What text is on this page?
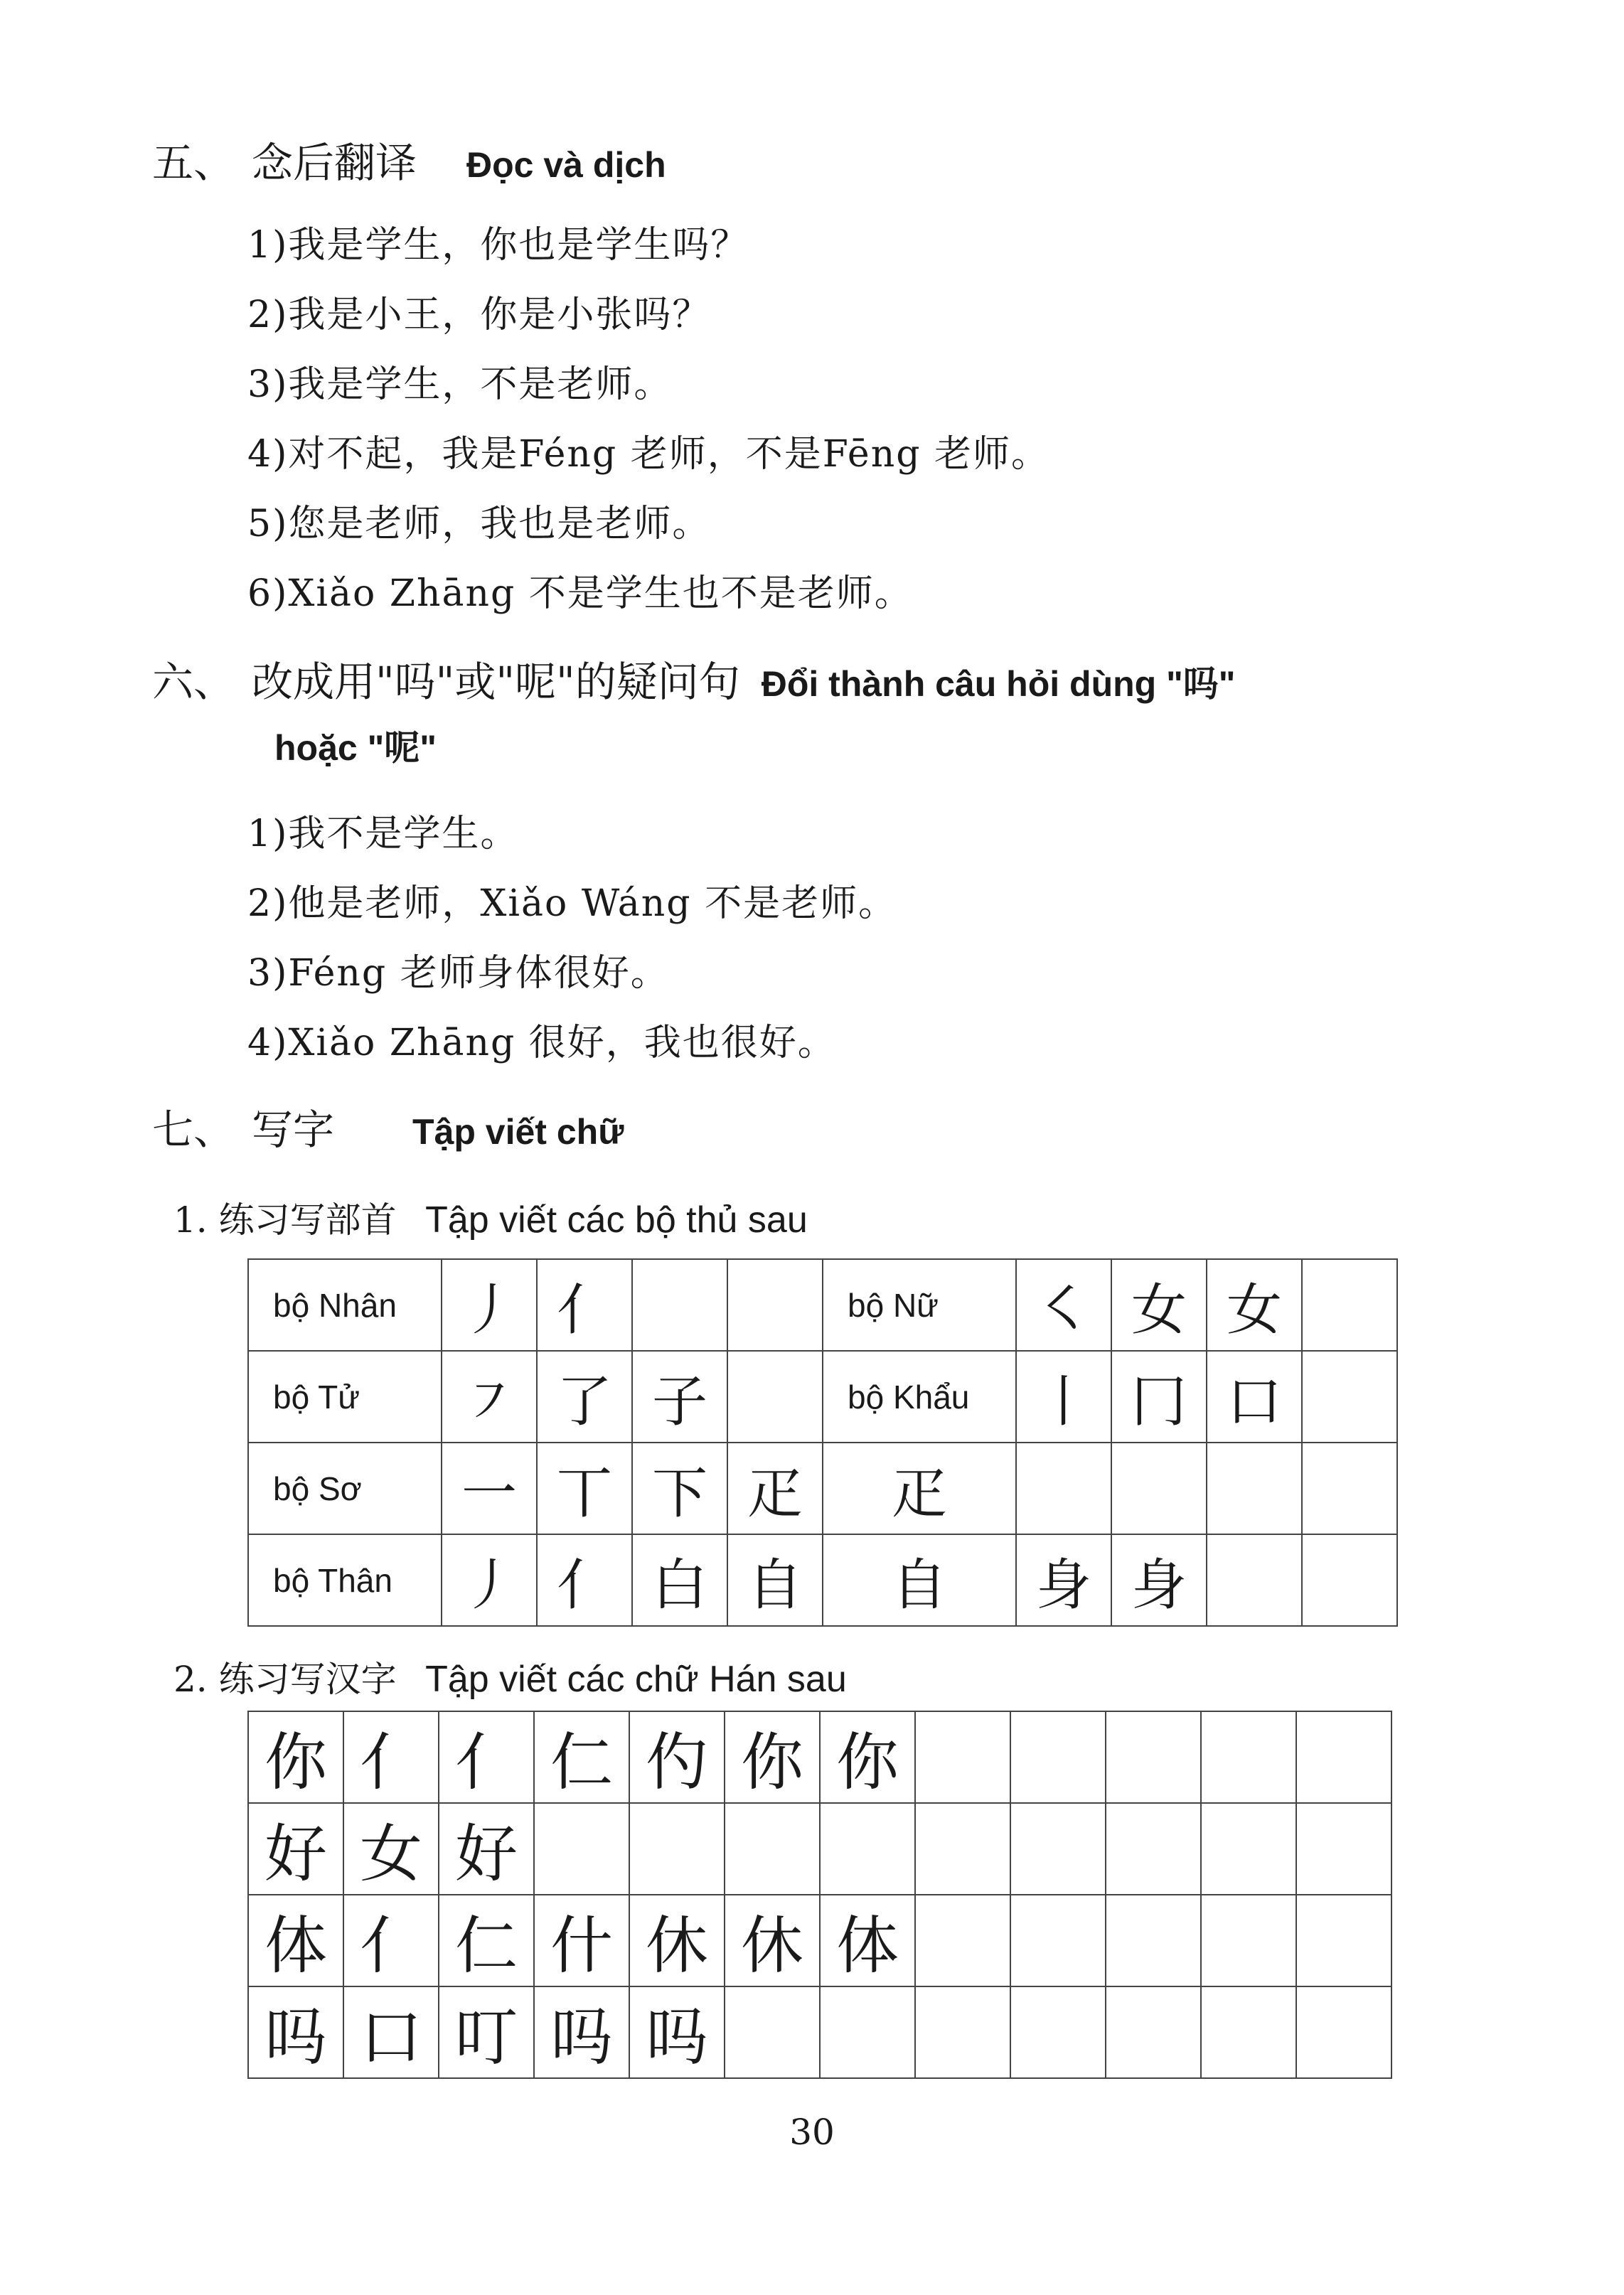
五、 念后翻译 Đọc và dịch
1)我是学生，你也是学生吗？
2)我是小王，你是小张吗？
3)我是学生，不是老师。
4)对不起，我是Féng 老师，不是Fēng 老师。
5)您是老师，我也是老师。
6)Xiǎo Zhāng 不是学生也不是老师。
六、 改成用"吗"或"呢"的疑问句 Đổi thành câu hỏi dùng "吗"
hoặc "呢"
1)我不是学生。
2)他是老师，Xiǎo Wáng 不是老师。
3)Féng 老师身体很好。
4)Xiǎo Zhāng 很好，我也很好。
七、 写字 Tập viết chữ
1. 练习写部首 Tập viết các bộ thủ sau
bộ Nhân	丿	亻			bộ Nữ	㇛	女	女	
bộ Tử	㇇	了	子		bộ Khẩu	丨	冂	口	
bộ Sơ	一	丅	下	疋	疋				
bộ Thân	丿	亻	白	自	自	身	身		
2. 练习写汉字 Tập viết các chữ Hán sau
你	亻	亻	仁	仢	你	你					
好	女	好									
体	亻	仁	什	休	休	体					
吗	口	叮	吗	吗							
30
